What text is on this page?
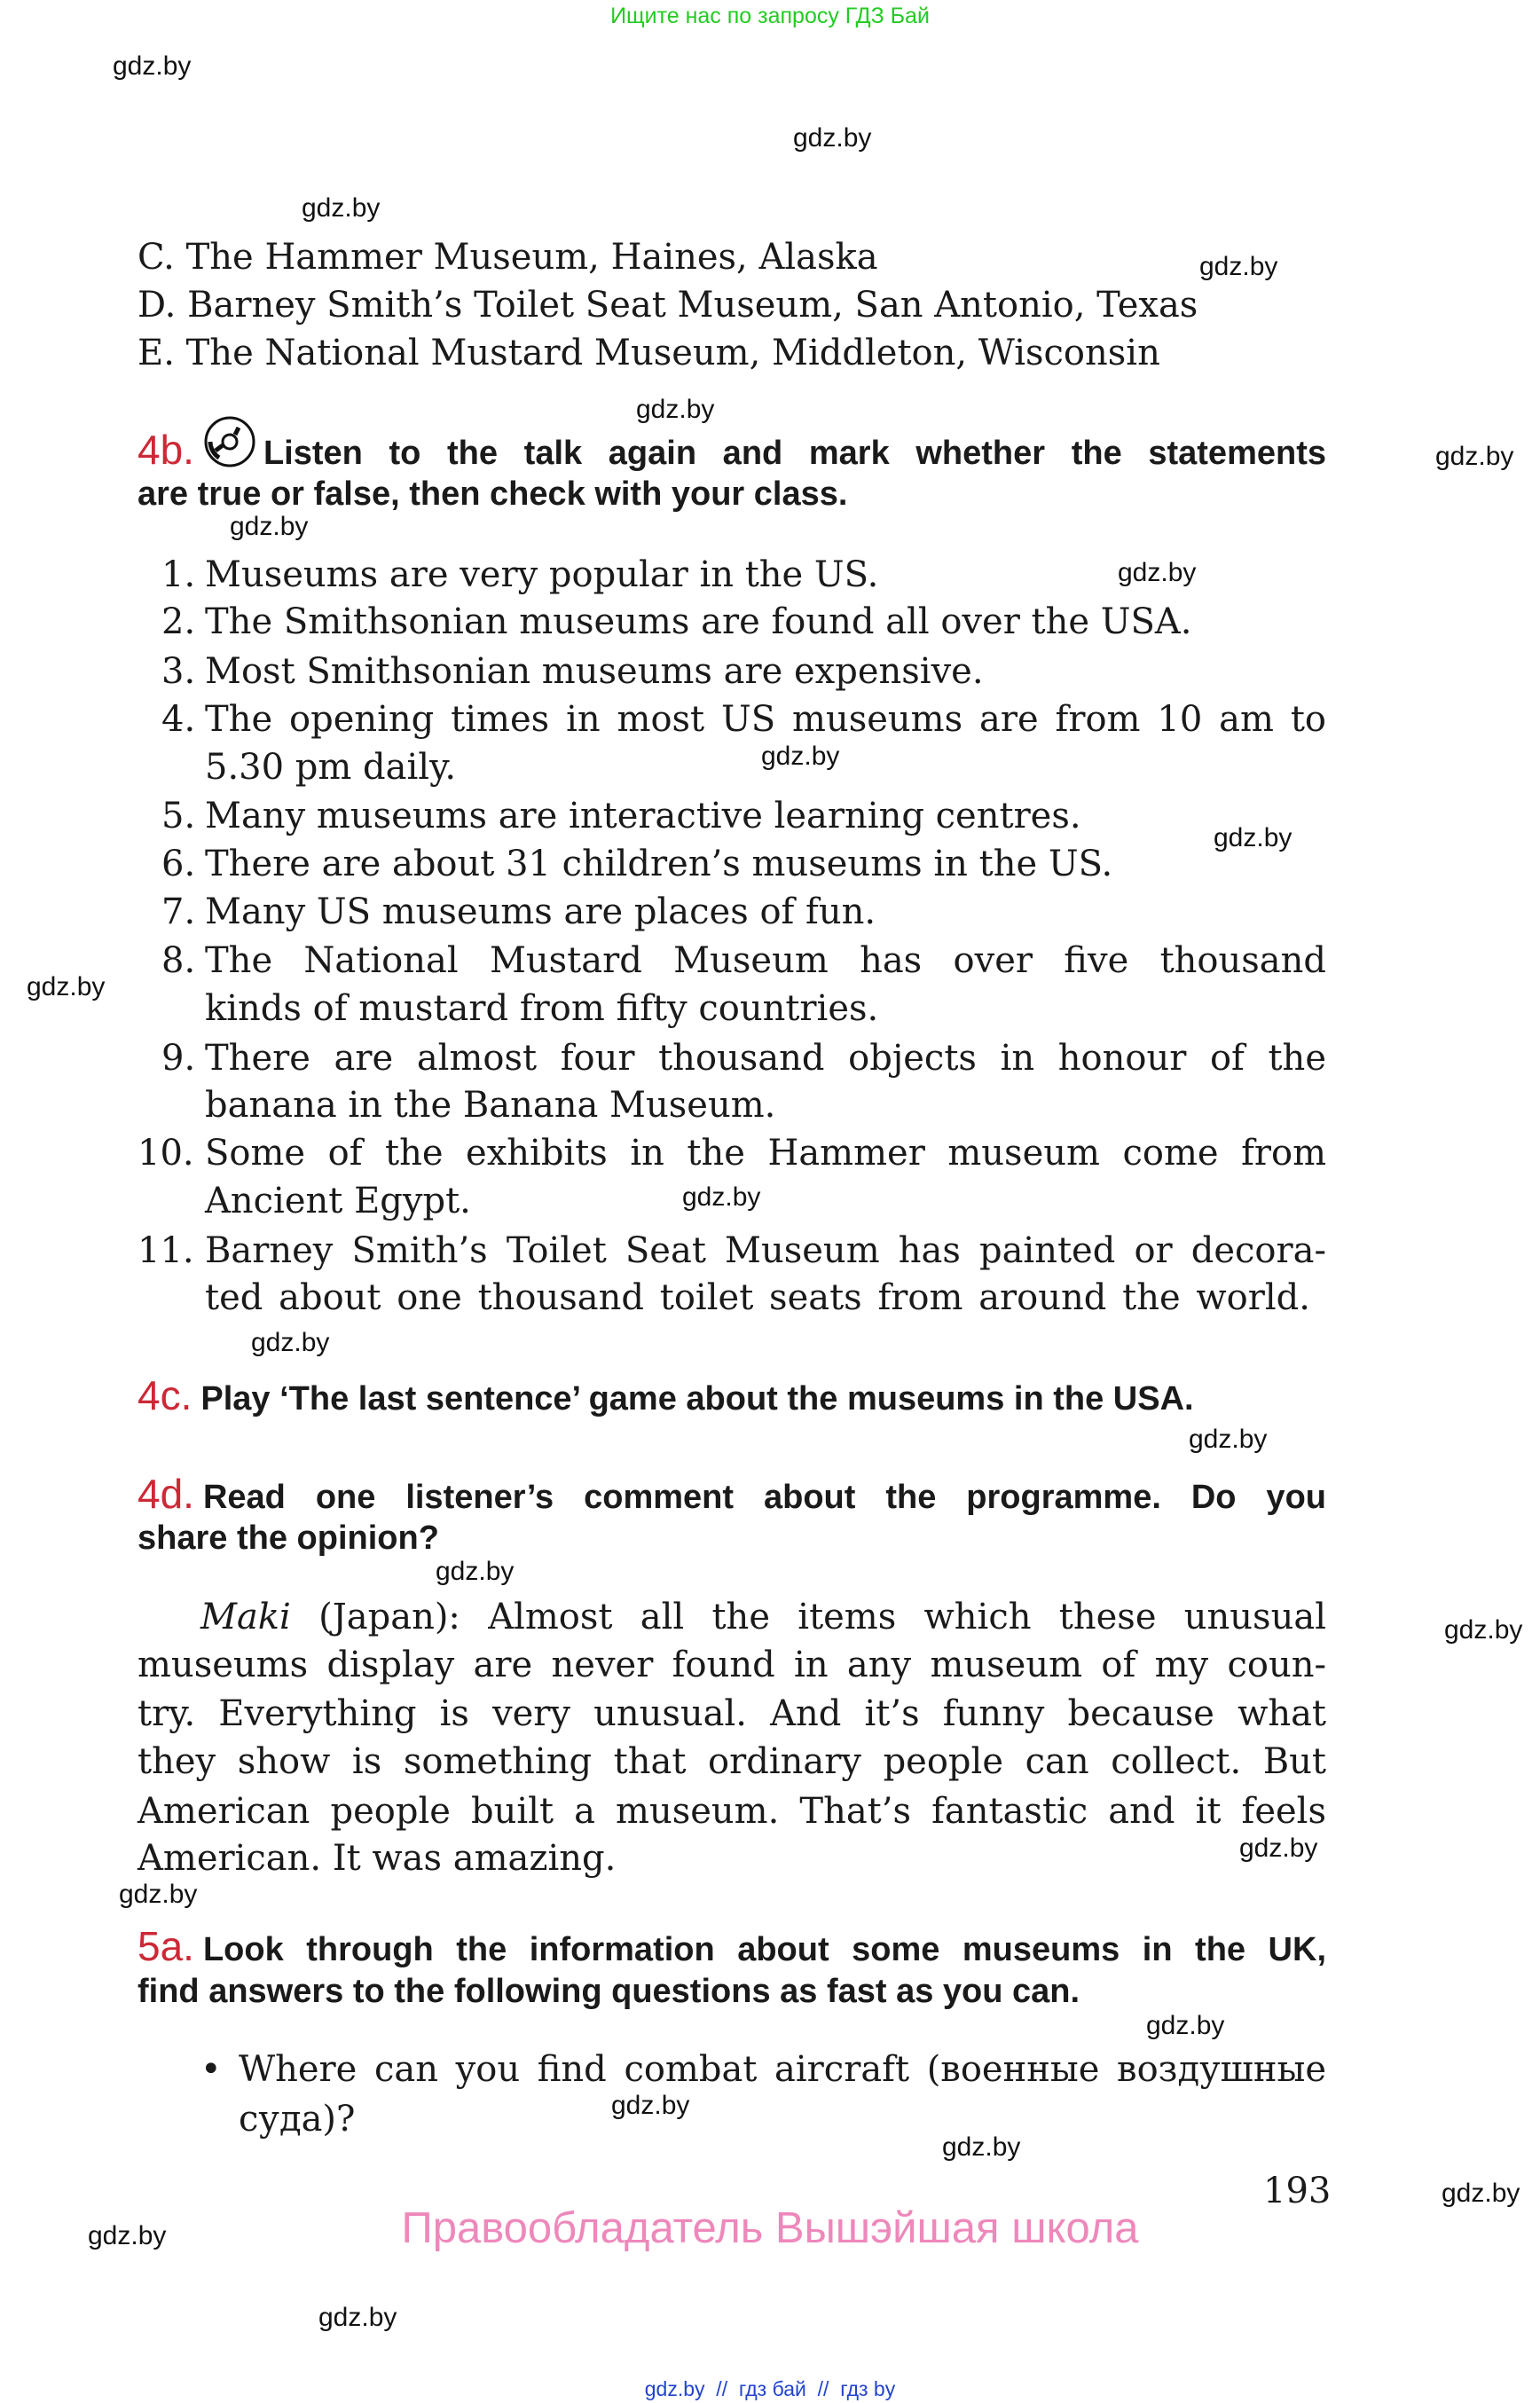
Ищите нас по запросу ГДЗ Бай
gdz.by
gdz.by
gdz.by
gdz.by
gdz.by
gdz.by
gdz.by
gdz.by
gdz.by
gdz.by
gdz.by
gdz.by
gdz.by
gdz.by
gdz.by
gdz.by
gdz.by
gdz.by
gdz.by
gdz.by
gdz.by
gdz.by
gdz.by
gdz.by
C. The Hammer Museum, Haines, Alaska
D. Barney Smith’s Toilet Seat Museum, San Antonio, Texas
E. The National Mustard Museum, Middleton, Wisconsin
4b. Listen to the talk again and mark whether the statements
are true or false, then check with your class.
1. Museums are very popular in the US.
2. The Smithsonian museums are found all over the USA.
3. Most Smithsonian museums are expensive.
4. The opening times in most US museums are from 10 am to
5.30 pm daily.
5. Many museums are interactive learning centres.
6. There are about 31 children’s museums in the US.
7. Many US museums are places of fun.
8. The National Mustard Museum has over five thousand
kinds of mustard from fifty countries.
9. There are almost four thousand objects in honour of the
banana in the Banana Museum.
10. Some of the exhibits in the Hammer museum come from
Ancient Egypt.
11. Barney Smith’s Toilet Seat Museum has painted or decora-
ted about one thousand toilet seats from around the world.
4c. Play ‘The last sentence’ game about the museums in the USA.
4d. Read one listener’s comment about the programme. Do you
share the opinion?
Maki (Japan): Almost all the items which these unusual
museums display are never found in any museum of my coun-
try. Everything is very unusual. And it’s funny because what
they show is something that ordinary people can collect. But
American people built a museum. That’s fantastic and it feels
American. It was amazing.
5a. Look through the information about some museums in the UK,
find answers to the following questions as fast as you can.
• Where can you find combat aircraft (военные воздушные
суда)?
193
Правообладатель Вышэйшая школа
gdz.by  //  гдз бай  //  гдз by
